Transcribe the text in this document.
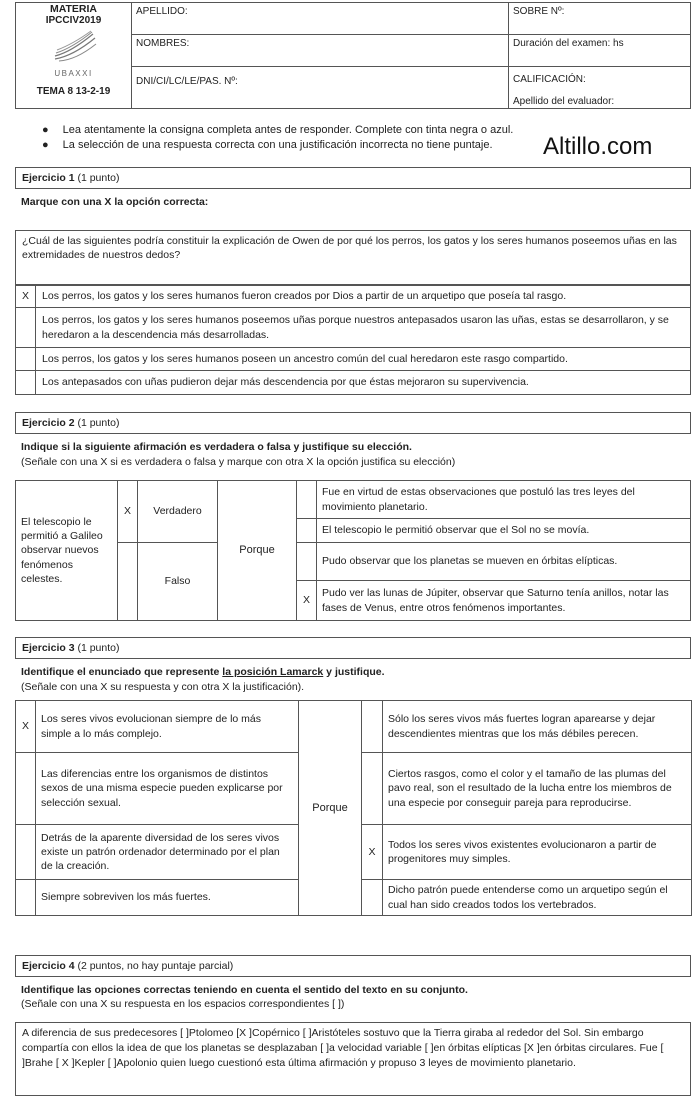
MATERIA
IPCCIV2019
UBAXXI
TEMA 8 13-2-19	APELLIDO:	SOBRE Nº:
	NOMBRES:	Duración del examen: hs
	DNI/CI/LC/LE/PAS. Nº:	CALIFICACIÓN:
Apellido del evaluador:
● Lea atentamente la consigna completa antes de responder. Complete con tinta negra o azul.
● La selección de una respuesta correcta con una justificación incorrecta no tiene puntaje. Altillo.com
Ejercicio 1 (1 punto)
Marque con una X la opción correcta:
¿Cuál de las siguientes podría constituir la explicación de Owen de por qué los perros, los gatos y los seres humanos poseemos uñas en las extremidades de nuestros dedos?
X	Los perros, los gatos y los seres humanos fueron creados por Dios a partir de un arquetipo que poseía tal rasgo.
	Los perros, los gatos y los seres humanos poseemos uñas porque nuestros antepasados usaron las uñas, estas se desarrollaron, y se heredaron a la descendencia más desarrolladas.
	Los perros, los gatos y los seres humanos poseen un ancestro común del cual heredaron este rasgo compartido.
	Los antepasados con uñas pudieron dejar más descendencia por que éstas mejoraron su supervivencia.
Ejercicio 2 (1 punto)
Indique si la siguiente afirmación es verdadera o falsa y justifique su elección.
(Señale con una X si es verdadera o falsa y marque con otra X la opción justifica su elección)
El telescopio le permitió a Galileo observar nuevos fenómenos celestes.	X	Verdadero	Porque		Fue en virtud de estas observaciones que postuló las tres leyes del movimiento planetario.
					El telescopio le permitió observar que el Sol no se movía.
		Falso			Pudo observar que los planetas se mueven en órbitas elípticas.
				X	Pudo ver las lunas de Júpiter, observar que Saturno tenía anillos, notar las fases de Venus, entre otros fenómenos importantes.
Ejercicio 3 (1 punto)
Identifique el enunciado que represente la posición Lamarck y justifique.
(Señale con una X su respuesta y con otra X la justificación).
X	Los seres vivos evolucionan siempre de lo más simple a lo más complejo.	Porque		Sólo los seres vivos más fuertes logran aparearse y dejar descendientes mientras que los más débiles perecen.
	Las diferencias entre los organismos de distintos sexos de una misma especie pueden explicarse por selección sexual.			Ciertos rasgos, como el color y el tamaño de las plumas del pavo real, son el resultado de la lucha entre los miembros de una especie por conseguir pareja para reproducirse.
	Detrás de la aparente diversidad de los seres vivos existe un patrón ordenador determinado por el plan de la creación.		X	Todos los seres vivos existentes evolucionaron a partir de progenitores muy simples.
	Siempre sobreviven los más fuertes.			Dicho patrón puede entenderse como un arquetipo según el cual han sido creados todos los vertebrados.
Ejercicio 4 (2 puntos, no hay puntaje parcial)
Identifique las opciones correctas teniendo en cuenta el sentido del texto en su conjunto.
(Señale con una X su respuesta en los espacios correspondientes [ ])
A diferencia de sus predecesores [ ]Ptolomeo [X ]Copérnico [ ]Aristóteles sostuvo que la Tierra giraba al rededor del Sol. Sin embargo compartía con ellos la idea de que los planetas se desplazaban [ ]a velocidad variable [ ]en órbitas elípticas [X ]en órbitas circulares. Fue [ ]Brahe [ X ]Kepler [ ]Apolonio quien luego cuestionó esta última afirmación y propuso 3 leyes de movimiento planetario.
